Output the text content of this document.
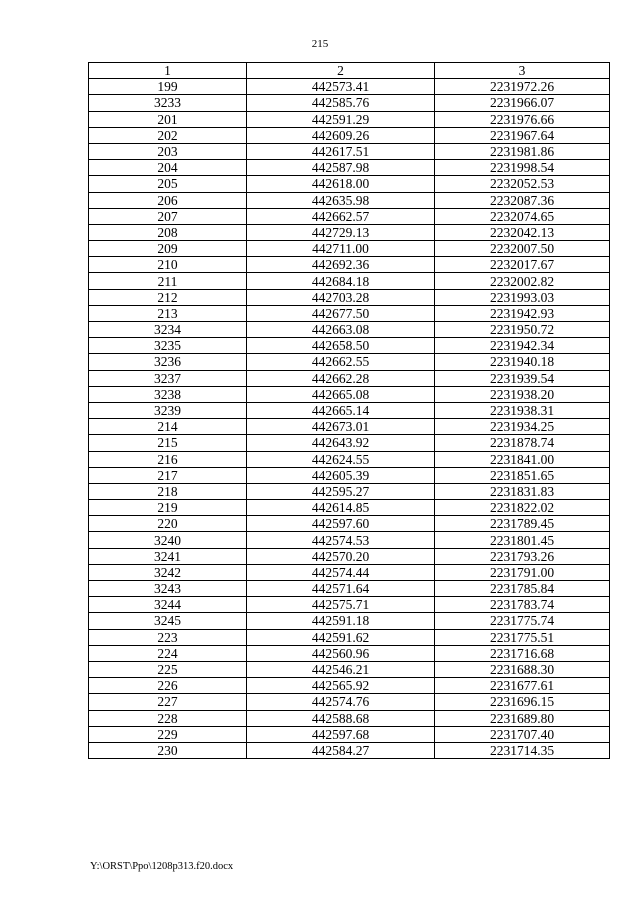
215
1	2	3
199	442573.41	2231972.26
3233	442585.76	2231966.07
201	442591.29	2231976.66
202	442609.26	2231967.64
203	442617.51	2231981.86
204	442587.98	2231998.54
205	442618.00	2232052.53
206	442635.98	2232087.36
207	442662.57	2232074.65
208	442729.13	2232042.13
209	442711.00	2232007.50
210	442692.36	2232017.67
211	442684.18	2232002.82
212	442703.28	2231993.03
213	442677.50	2231942.93
3234	442663.08	2231950.72
3235	442658.50	2231942.34
3236	442662.55	2231940.18
3237	442662.28	2231939.54
3238	442665.08	2231938.20
3239	442665.14	2231938.31
214	442673.01	2231934.25
215	442643.92	2231878.74
216	442624.55	2231841.00
217	442605.39	2231851.65
218	442595.27	2231831.83
219	442614.85	2231822.02
220	442597.60	2231789.45
3240	442574.53	2231801.45
3241	442570.20	2231793.26
3242	442574.44	2231791.00
3243	442571.64	2231785.84
3244	442575.71	2231783.74
3245	442591.18	2231775.74
223	442591.62	2231775.51
224	442560.96	2231716.68
225	442546.21	2231688.30
226	442565.92	2231677.61
227	442574.76	2231696.15
228	442588.68	2231689.80
229	442597.68	2231707.40
230	442584.27	2231714.35
Y:\ORST\Ppo\1208p313.f20.docx
